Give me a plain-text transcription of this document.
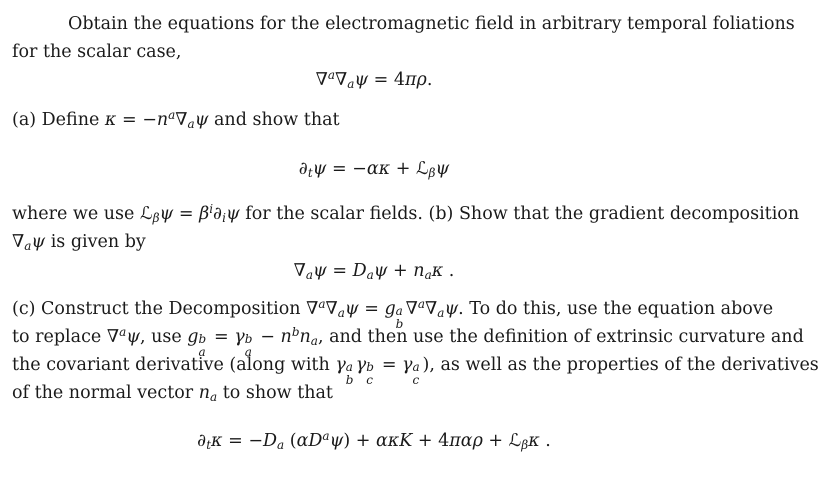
Obtain the equations for the electromagnetic field in arbitrary temporal foliations
for the scalar case,
$\nabla^a\nabla_a\psi = 4\pi\rho$.
(a) Define $\kappa = -n^a\nabla_a\psi$ and show that
$\partial_t\psi = -\alpha\kappa$ + ℒ$_\beta$ψ
where we use ℒ$_\beta$ψ = $\beta^i\partial_i\psi$ for the scalar fields. (b) Show that the gradient decomposition
$\nabla_a\psi$ is given by
$\nabla_a\psi = D_a\psi + n_a\kappa$ .
(c) Construct the Decomposition $\nabla^a\nabla_a\psi = g$ a
b
$\nabla^a\nabla_a\psi$. To do this, use the equation above
to replace ∇$^a$ψ, use g b
a
= γ b
a
− $n^bn_a$, and then use the definition of extrinsic curvature and
the covariant derivative (along with γ a
b
γ b
c
= γ a
c
), as well as the properties of the derivatives
of the normal vector $n_a$ to show that
$\partial_t\kappa = -D_a$ $(\alpha D^a\psi) + \alpha\kappa K + 4\pi\alpha\rho$ + ℒ$_\beta$κ .
